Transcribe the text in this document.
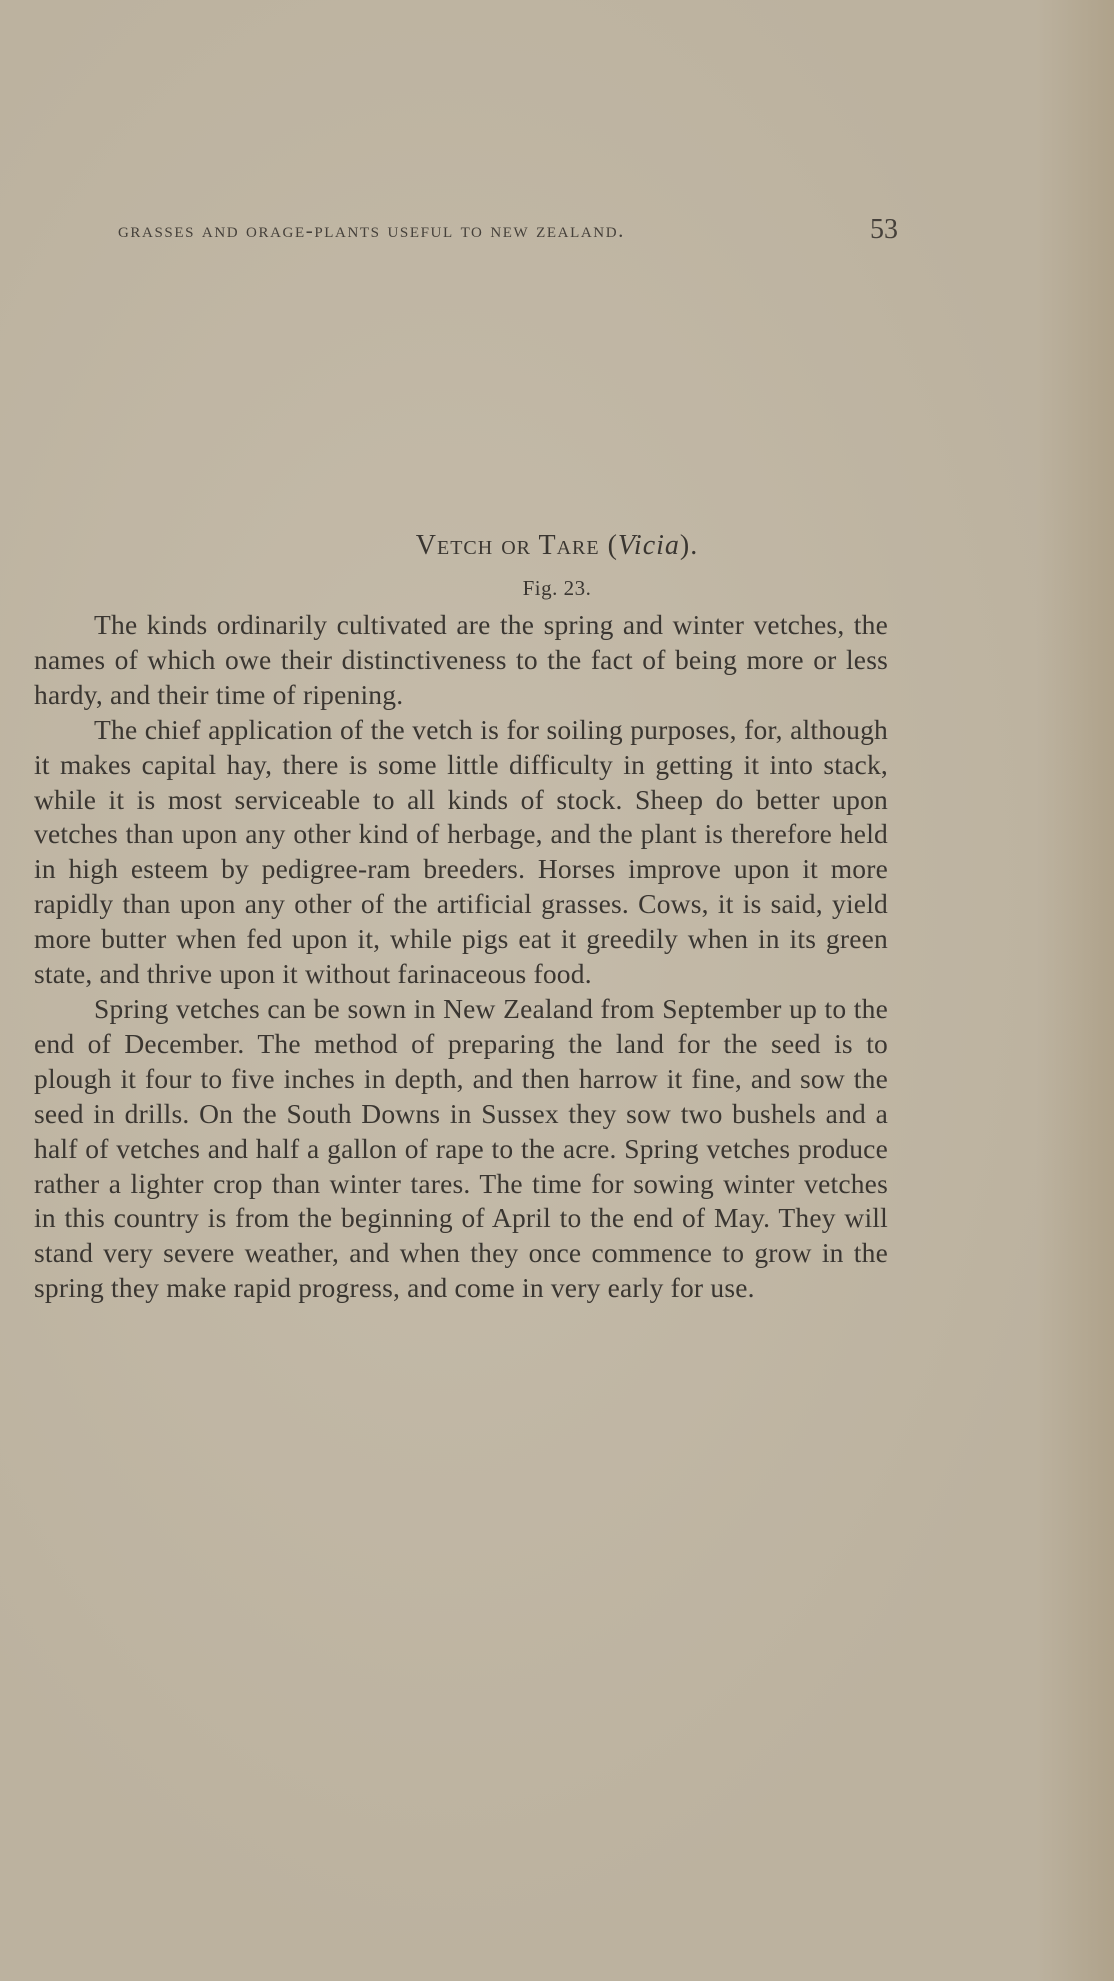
grasses and orage-plants useful to new zealand.	53
Vetch or Tare (Vicia).
Fig. 23.

The kinds ordinarily cultivated are the spring and winter vetches, the names of which owe their distinctiveness to the fact of being more or less hardy, and their time of ripening.

The chief application of the vetch is for soiling purposes, for, although it makes capital hay, there is some little difficulty in getting it into stack, while it is most serviceable to all kinds of stock. Sheep do better upon vetches than upon any other kind of herbage, and the plant is therefore held in high esteem by pedigree-ram breeders. Horses improve upon it more rapidly than upon any other of the artificial grasses. Cows, it is said, yield more butter when fed upon it, while pigs eat it greedily when in its green state, and thrive upon it without farinaceous food.

Spring vetches can be sown in New Zealand from September up to the end of December. The method of preparing the land for the seed is to plough it four to five inches in depth, and then harrow it fine, and sow the seed in drills. On the South Downs in Sussex they sow two bushels and a half of vetches and half a gallon of rape to the acre. Spring vetches produce rather a lighter crop than winter tares. The time for sowing winter vetches in this country is from the beginning of April to the end of May. They will stand very severe weather, and when they once commence to grow in the spring they make rapid progress, and come in very early for use.
